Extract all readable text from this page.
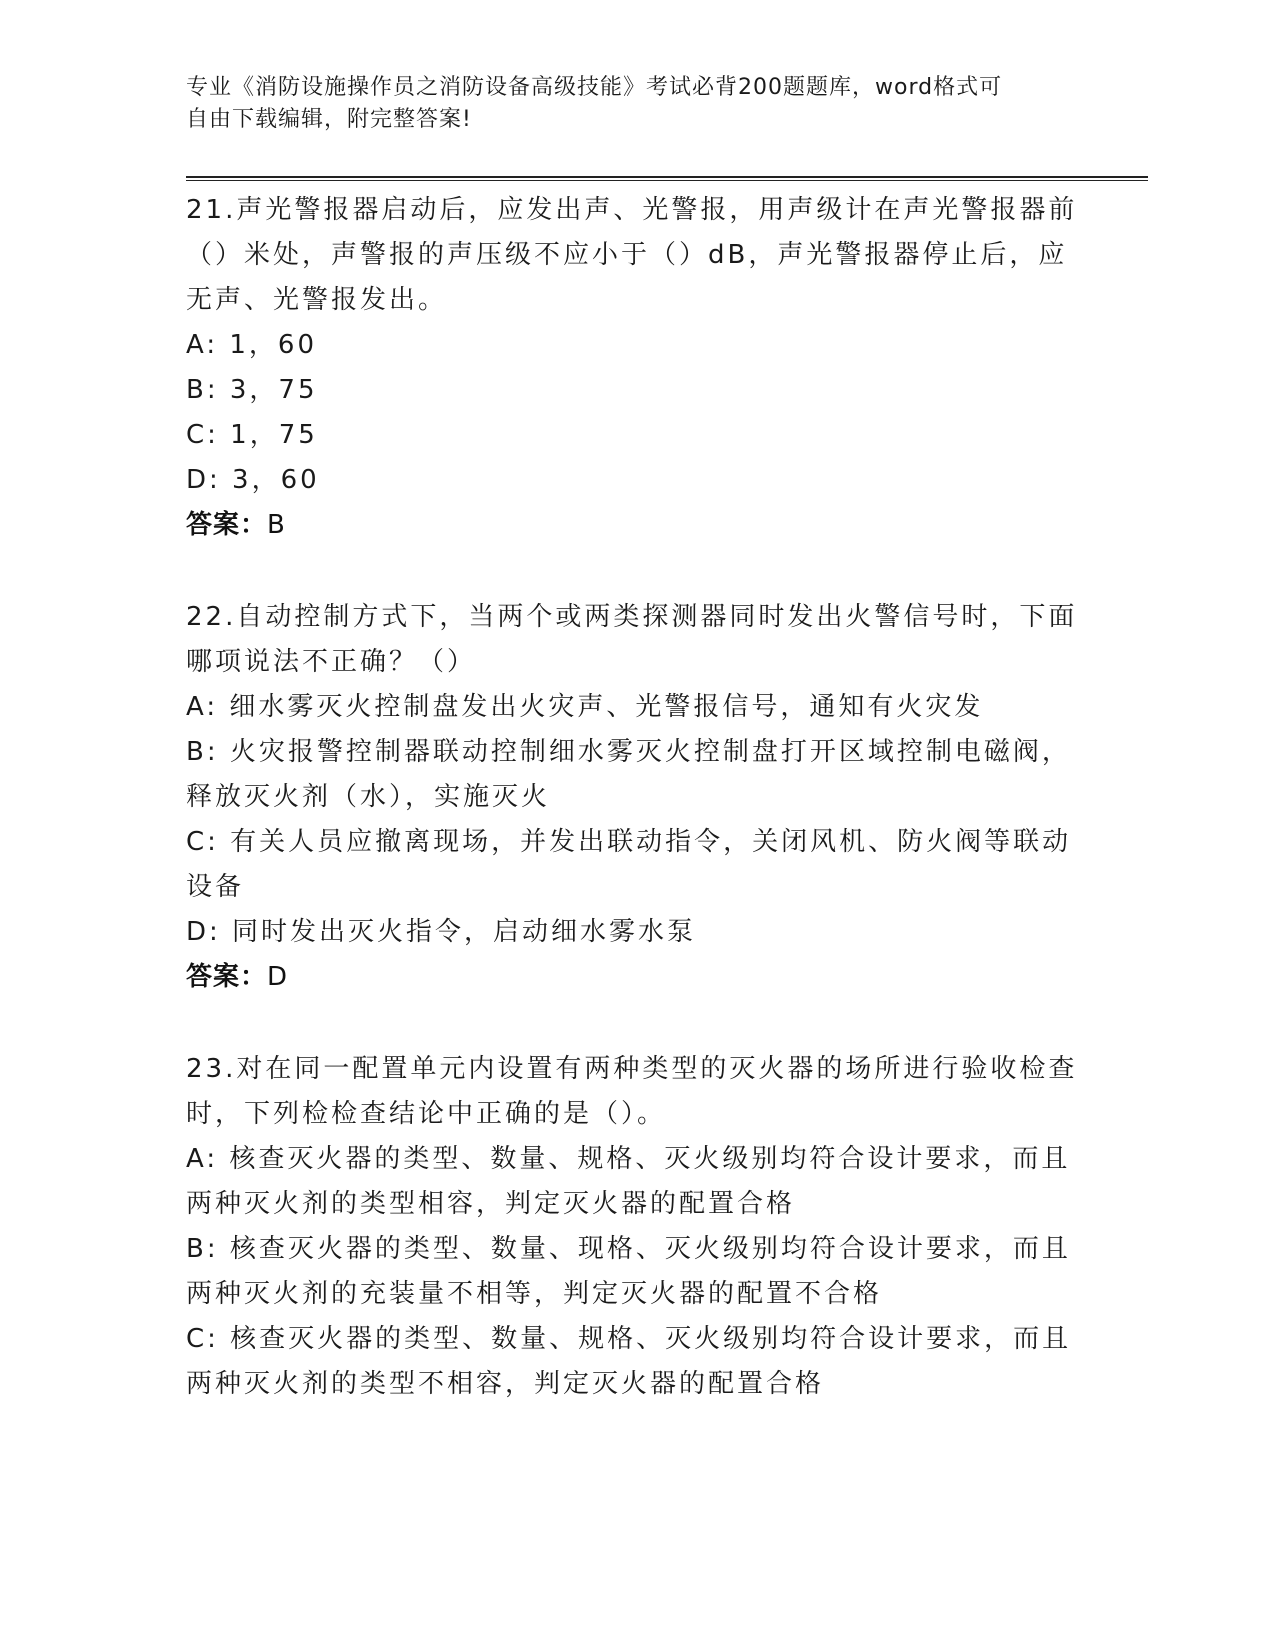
专业《消防设施操作员之消防设备高级技能》考试必背200题题库，word格式可
自由下载编辑，附完整答案!

21.声光警报器启动后，应发出声、光警报，用声级计在声光警报器前（）米处，声警报的声压级不应小于（）dB，声光警报器停止后，应无声、光警报发出。

A: 1，60

B: 3，75

C: 1，75

D: 3，60

答案：B

22.自动控制方式下，当两个或两类探测器同时发出火警信号时，下面哪项说法不正确？（）

A: 细水雾灭火控制盘发出火灾声、光警报信号，通知有火灾发

B: 火灾报警控制器联动控制细水雾灭火控制盘打开区域控制电磁阀，释放灭火剂（水），实施灭火

C: 有关人员应撤离现场，并发出联动指令，关闭风机、防火阀等联动设备

D: 同时发出灭火指令，启动细水雾水泵

答案：D

23.对在同一配置单元内设置有两种类型的灭火器的场所进行验收检查时，下列检检查结论中正确的是（）。

A: 核查灭火器的类型、数量、规格、灭火级别均符合设计要求，而且两种灭火剂的类型相容，判定灭火器的配置合格

B: 核查灭火器的类型、数量、现格、灭火级别均符合设计要求，而且两种灭火剂的充装量不相等，判定灭火器的配置不合格

C: 核查灭火器的类型、数量、规格、灭火级别均符合设计要求，而且两种灭火剂的类型不相容，判定灭火器的配置合格
